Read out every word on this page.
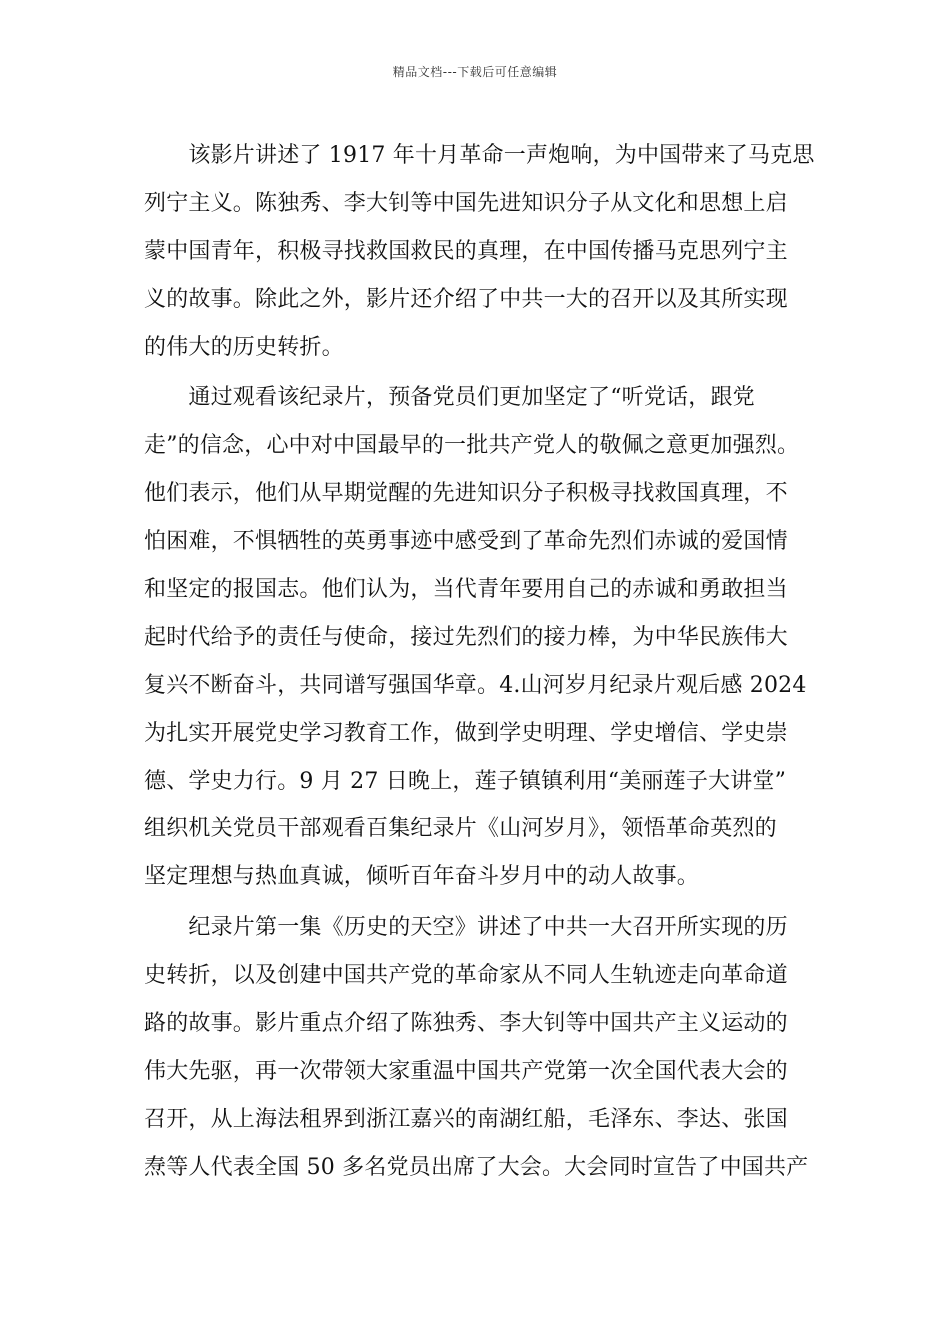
精品文档---下载后可任意编辑
　　该影片讲述了 1917 年十月革命一声炮响，为中国带来了马克思
列宁主义。陈独秀、李大钊等中国先进知识分子从文化和思想上启
蒙中国青年，积极寻找救国救民的真理，在中国传播马克思列宁主
义的故事。除此之外，影片还介绍了中共一大的召开以及其所实现
的伟大的历史转折。
　　通过观看该纪录片，预备党员们更加坚定了“听党话，跟党
走”的信念，心中对中国最早的一批共产党人的敬佩之意更加强烈。
他们表示，他们从早期觉醒的先进知识分子积极寻找救国真理，不
怕困难，不惧牺牲的英勇事迹中感受到了革命先烈们赤诚的爱国情
和坚定的报国志。他们认为，当代青年要用自己的赤诚和勇敢担当
起时代给予的责任与使命，接过先烈们的接力棒，为中华民族伟大
复兴不断奋斗，共同谱写强国华章。4.山河岁月纪录片观后感 2024
为扎实开展党史学习教育工作，做到学史明理、学史增信、学史崇
德、学史力行。9 月 27 日晚上，莲子镇镇利用“美丽莲子大讲堂”
组织机关党员干部观看百集纪录片《山河岁月》，领悟革命英烈的
坚定理想与热血真诚，倾听百年奋斗岁月中的动人故事。
　　纪录片第一集《历史的天空》讲述了中共一大召开所实现的历
史转折，以及创建中国共产党的革命家从不同人生轨迹走向革命道
路的故事。影片重点介绍了陈独秀、李大钊等中国共产主义运动的
伟大先驱，再一次带领大家重温中国共产党第一次全国代表大会的
召开，从上海法租界到浙江嘉兴的南湖红船，毛泽东、李达、张国
焘等人代表全国 50 多名党员出席了大会。大会同时宣告了中国共产
